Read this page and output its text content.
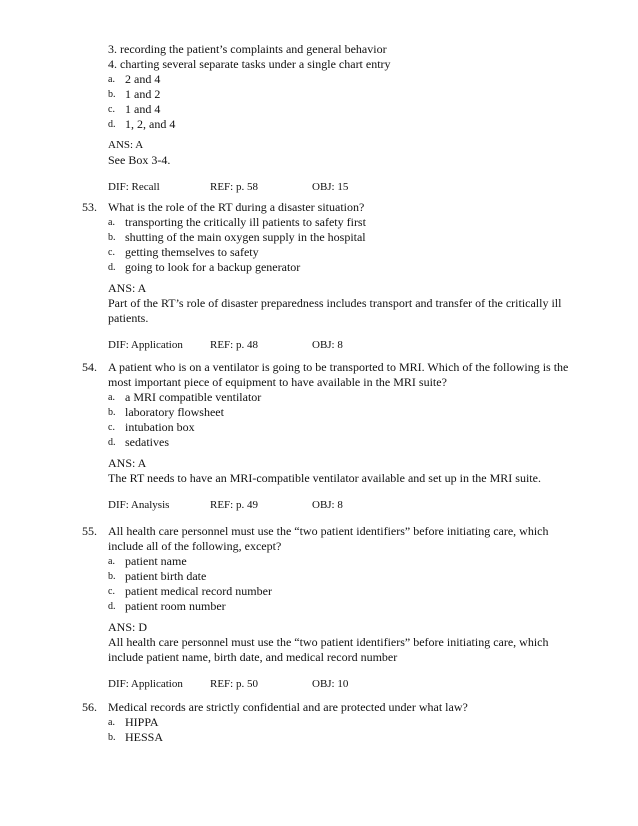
3. recording the patient’s complaints and general behavior
4. charting several separate tasks under a single chart entry
a. 2 and 4
b. 1 and 2
c. 1 and 4
d. 1, 2, and 4
ANS: A
See Box 3-4.
DIF: Recall	REF: p. 58	OBJ: 15
53. What is the role of the RT during a disaster situation?
a. transporting the critically ill patients to safety first
b. shutting of the main oxygen supply in the hospital
c. getting themselves to safety
d. going to look for a backup generator
ANS: A
Part of the RT’s role of disaster preparedness includes transport and transfer of the critically ill patients.
DIF: Application REF: p. 48	OBJ: 8
54. A patient who is on a ventilator is going to be transported to MRI. Which of the following is the most important piece of equipment to have available in the MRI suite?
a. a MRI compatible ventilator
b. laboratory flowsheet
c. intubation box
d. sedatives
ANS: A
The RT needs to have an MRI-compatible ventilator available and set up in the MRI suite.
DIF: Analysis	REF: p. 49	OBJ: 8
55. All health care personnel must use the “two patient identifiers” before initiating care, which include all of the following, except?
a. patient name
b. patient birth date
c. patient medical record number
d. patient room number
ANS: D
All health care personnel must use the “two patient identifiers” before initiating care, which include patient name, birth date, and medical record number
DIF: Application REF: p. 50	OBJ: 10
56. Medical records are strictly confidential and are protected under what law?
a. HIPPA
b. HESSA
